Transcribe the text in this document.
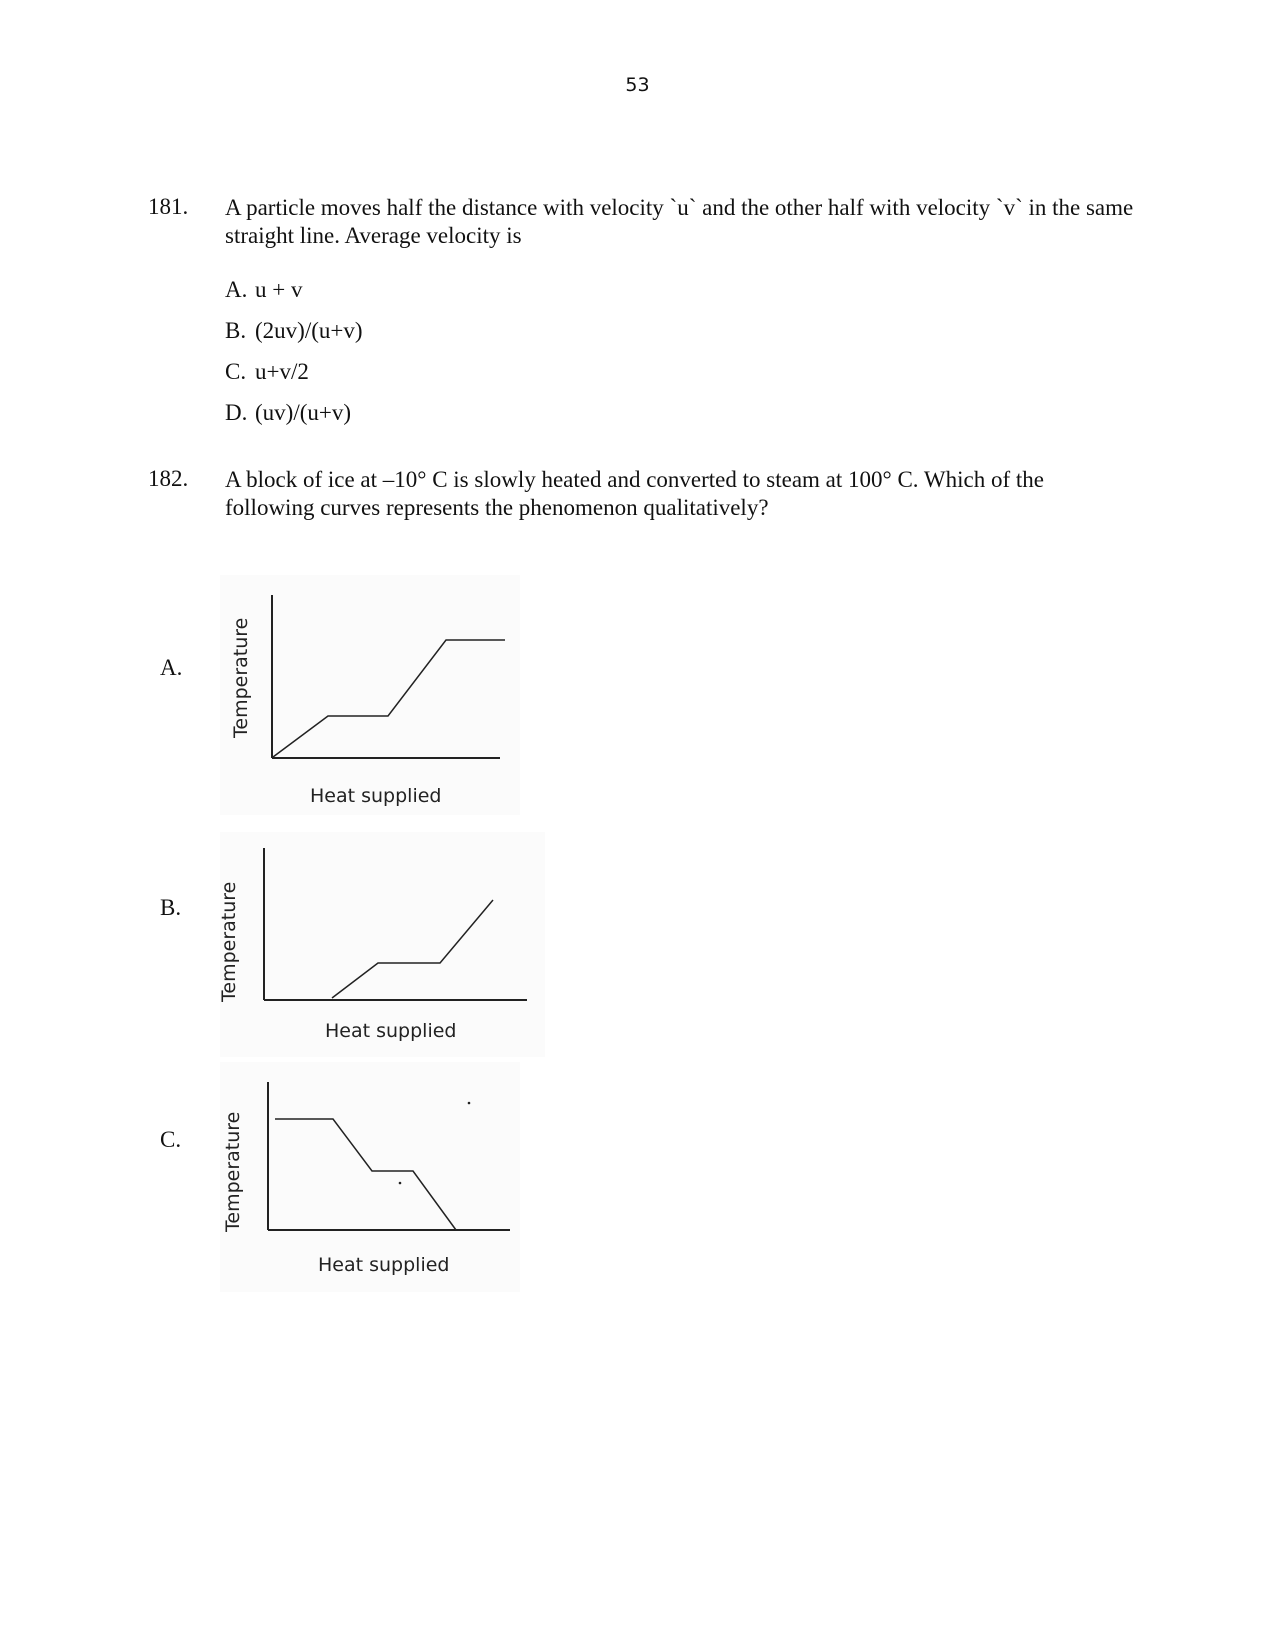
53
181. A particle moves half the distance with velocity `u` and the other half with velocity `v` in the same straight line. Average velocity is
A. u + v
B. (2uv)/(u+v)
C. u+v/2
D. (uv)/(u+v)
182. A block of ice at –10° C is slowly heated and converted to steam at 100° C. Which of the following curves represents the phenomenon qualitatively?
A.	Temperature
Heat supplied
B. Temperature
Heat supplied
C. Temperature
Heat supplied
